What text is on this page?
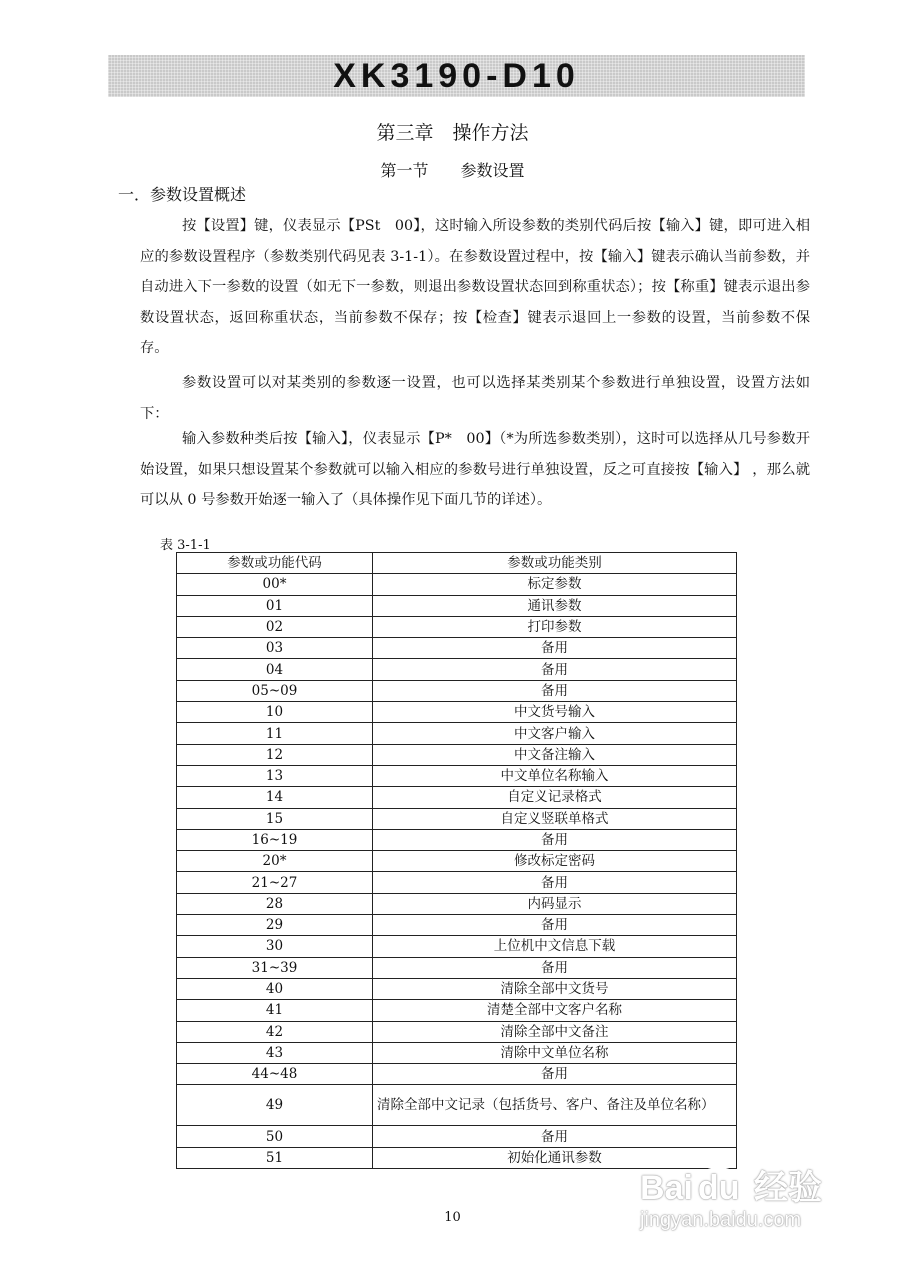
XK3190-D10
第三章　操作方法
第一节　　参数设置
一．参数设置概述
按【设置】键，仪表显示【PSt　00】，这时输入所设参数的类别代码后按【输入】键，即可进入相应的参数设置程序（参数类别代码见表 3-1-1）。在参数设置过程中，按【输入】键表示确认当前参数，并自动进入下一参数的设置（如无下一参数，则退出参数设置状态回到称重状态）；按【称重】键表示退出参数设置状态，返回称重状态，当前参数不保存；按【检查】键表示退回上一参数的设置，当前参数不保存。
参数设置可以对某类别的参数逐一设置，也可以选择某类别某个参数进行单独设置，设置方法如下：
输入参数种类后按【输入】，仪表显示【P*　00】（*为所选参数类别），这时可以选择从几号参数开始设置，如果只想设置某个参数就可以输入相应的参数号进行单独设置，反之可直接按【输入】 ，那么就可以从 0 号参数开始逐一输入了（具体操作见下面几节的详述）。
表 3-1-1
参数或功能代码	参数或功能类别
00*	标定参数
01	通讯参数
02	打印参数
03	备用
04	备用
05~09	备用
10	中文货号输入
11	中文客户输入
12	中文备注输入
13	中文单位名称输入
14	自定义记录格式
15	自定义竖联单格式
16~19	备用
20*	修改标定密码
21~27	备用
28	内码显示
29	备用
30	上位机中文信息下载
31~39	备用
40	清除全部中文货号
41	清楚全部中文客户名称
42	清除全部中文备注
43	清除中文单位名称
44~48	备用
49	清除全部中文记录（包括货号、客户、备注及单位名称）
50	备用
51	初始化通讯参数
10
Bai du 经验
jingyan.baidu.com
